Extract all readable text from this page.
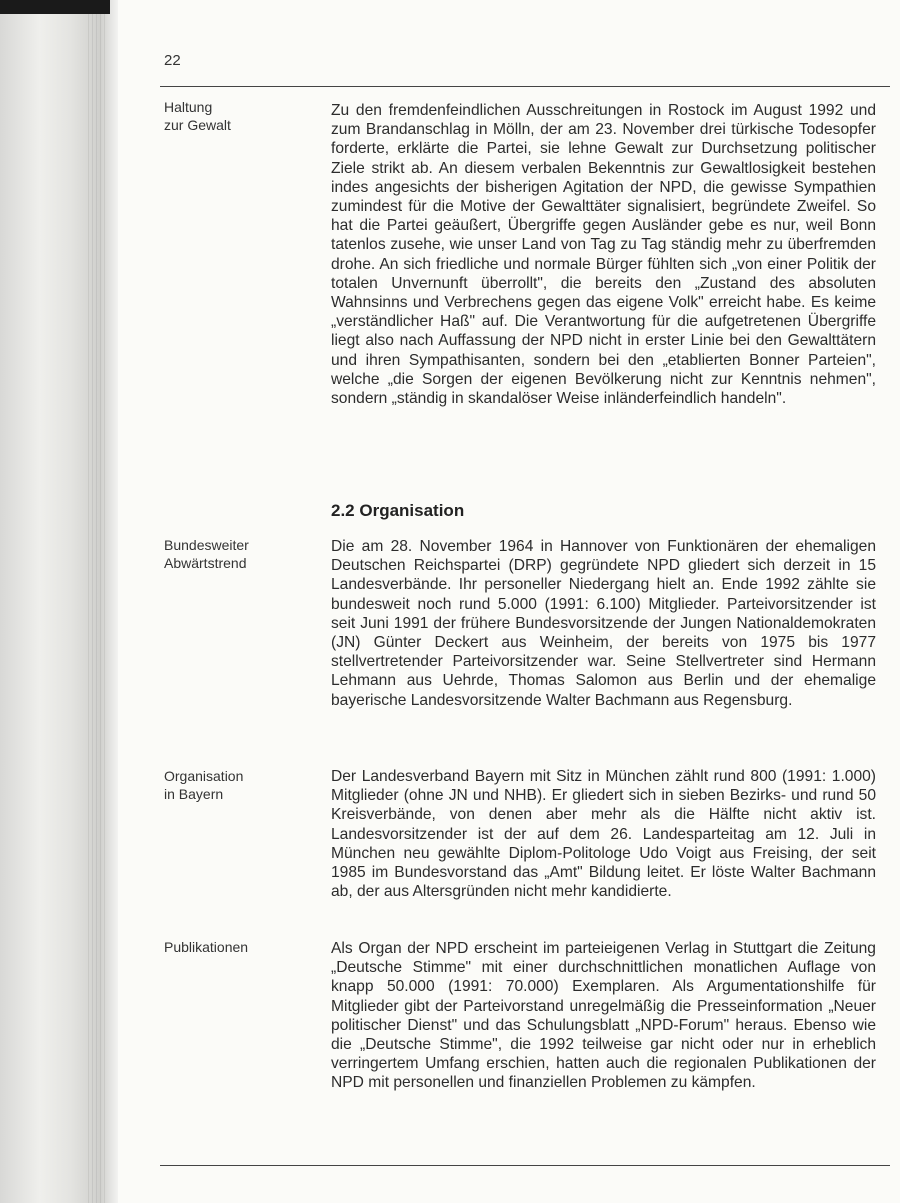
22
Haltung
zur Gewalt
Zu den fremdenfeindlichen Ausschreitungen in Rostock im August 1992 und zum Brandanschlag in Mölln, der am 23. November drei türkische Todesopfer forderte, erklärte die Partei, sie lehne Gewalt zur Durchsetzung politischer Ziele strikt ab. An diesem verbalen Bekenntnis zur Gewaltlosigkeit bestehen indes angesichts der bisherigen Agitation der NPD, die gewisse Sympathien zumindest für die Motive der Gewalttäter signalisiert, begründete Zweifel. So hat die Partei geäußert, Übergriffe gegen Ausländer gebe es nur, weil Bonn tatenlos zusehe, wie unser Land von Tag zu Tag ständig mehr zu überfremden drohe. An sich friedliche und normale Bürger fühlten sich „von einer Politik der totalen Unvernunft überrollt", die bereits den „Zustand des absoluten Wahnsinns und Verbrechens gegen das eigene Volk" erreicht habe. Es keime „verständlicher Haß" auf. Die Verantwortung für die aufgetretenen Übergriffe liegt also nach Auffassung der NPD nicht in erster Linie bei den Gewalttätern und ihren Sympathisanten, sondern bei den „etablierten Bonner Parteien", welche „die Sorgen der eigenen Bevölkerung nicht zur Kenntnis nehmen", sondern „ständig in skandalöser Weise inländerfeindlich handeln".
2.2 Organisation
Bundesweiter
Abwärtstrend
Die am 28. November 1964 in Hannover von Funktionären der ehemaligen Deutschen Reichspartei (DRP) gegründete NPD gliedert sich derzeit in 15 Landesverbände. Ihr personeller Niedergang hielt an. Ende 1992 zählte sie bundesweit noch rund 5.000 (1991: 6.100) Mitglieder. Parteivorsitzender ist seit Juni 1991 der frühere Bundesvorsitzende der Jungen Nationaldemokraten (JN) Günter Deckert aus Weinheim, der bereits von 1975 bis 1977 stellvertretender Parteivorsitzender war. Seine Stellvertreter sind Hermann Lehmann aus Uehrde, Thomas Salomon aus Berlin und der ehemalige bayerische Landesvorsitzende Walter Bachmann aus Regensburg.
Organisation
in Bayern
Der Landesverband Bayern mit Sitz in München zählt rund 800 (1991: 1.000) Mitglieder (ohne JN und NHB). Er gliedert sich in sieben Bezirks- und rund 50 Kreisverbände, von denen aber mehr als die Hälfte nicht aktiv ist. Landesvorsitzender ist der auf dem 26. Landesparteitag am 12. Juli in München neu gewählte Diplom-Politologe Udo Voigt aus Freising, der seit 1985 im Bundesvorstand das „Amt" Bildung leitet. Er löste Walter Bachmann ab, der aus Altersgründen nicht mehr kandidierte.
Publikationen	Als Organ der NPD erscheint im parteieigenen Verlag in Stuttgart die Zeitung „Deutsche Stimme" mit einer durchschnittlichen monatlichen Auflage von knapp 50.000 (1991: 70.000) Exemplaren. Als Argumentationshilfe für Mitglieder gibt der Parteivorstand unregelmäßig die Presseinformation „Neuer politischer Dienst" und das Schulungsblatt „NPD-Forum" heraus. Ebenso wie die „Deutsche Stimme", die 1992 teilweise gar nicht oder nur in erheblich verringertem Umfang erschien, hatten auch die regionalen Publikationen der NPD mit personellen und finanziellen Problemen zu kämpfen.
